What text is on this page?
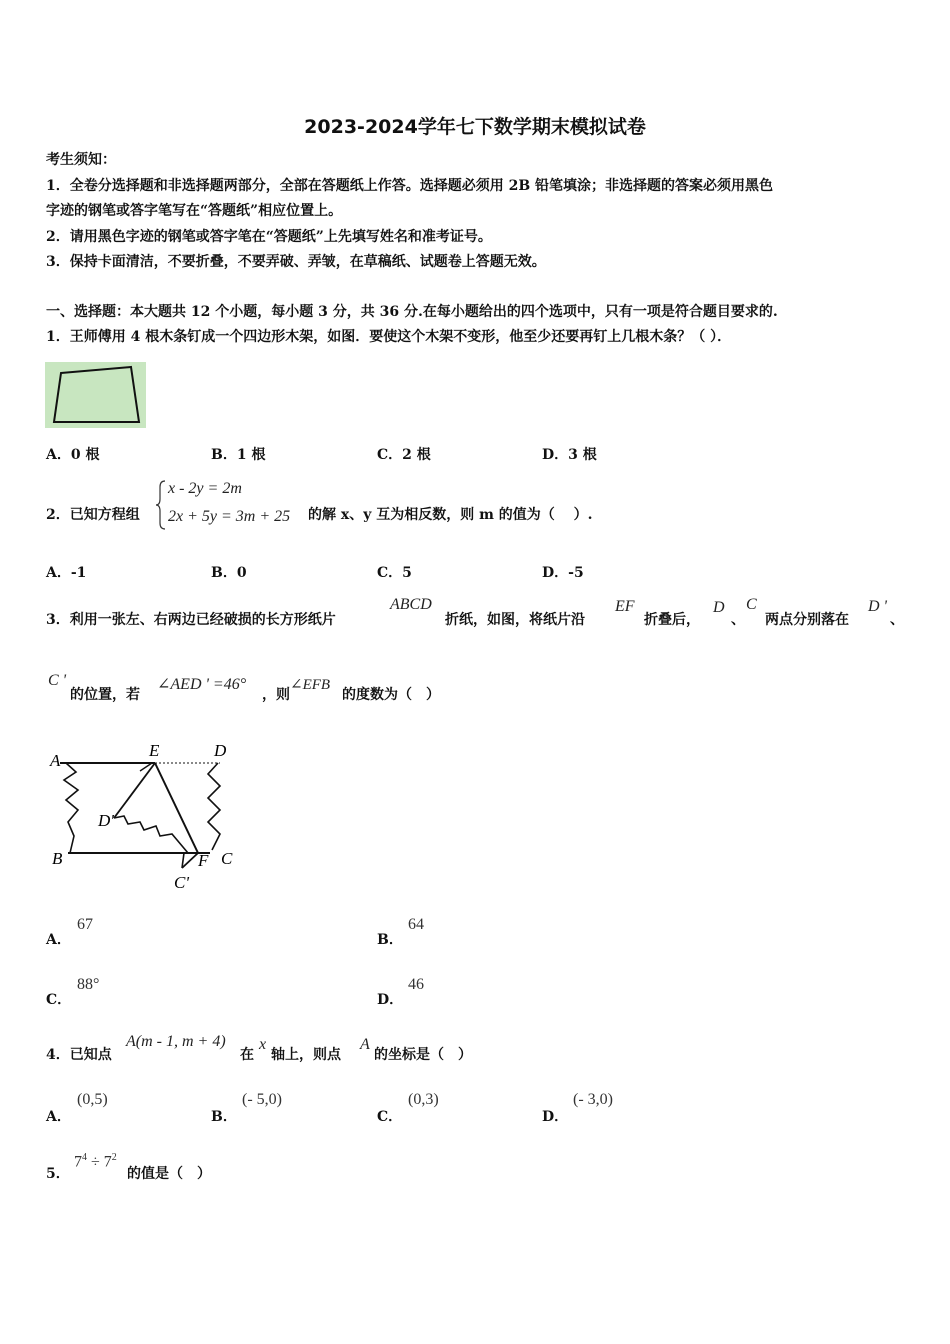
2023-2024学年七下数学期末模拟试卷
考生须知：
1．全卷分选择题和非选择题两部分，全部在答题纸上作答。选择题必须用 2B 铅笔填涂；非选择题的答案必须用黑色
字迹的钢笔或答字笔写在“答题纸”相应位置上。
2．请用黑色字迹的钢笔或答字笔在“答题纸”上先填写姓名和准考证号。
3．保持卡面清洁，不要折叠，不要弄破、弄皱，在草稿纸、试题卷上答题无效。
一、选择题：本大题共 12 个小题，每小题 3 分，共 36 分.在每小题给出的四个选项中，只有一项是符合题目要求的.
1．王师傅用 4 根木条钉成一个四边形木架，如图．要使这个木架不变形，他至少还要再钉上几根木条？（ ）．
A．0 根	B．1 根	C．2 根	D．3 根
2．已知方程组
x - 2y = 2m
2x + 5y = 3m + 25 的解 x、y 互为相反数，则 m 的值为（　 ）.
A．-1	B．0	C．5	D．-5
3．利用一张左、右两边已经破损的长方形纸片
ABCD
折纸，如图，将纸片沿
EF
折叠后，
D
、
C
两点分别落在
D '
、
C '
的位置，若
∠AED ' =46°
，则
∠EFB
的度数为（　）
A
E	D
D'
B	F C
C'
A．
67
B．
64
C．
88°
D．
46
4．已知点
A(m - 1, m + 4)
在
x
轴上，则点
A
的坐标是（　）
A．
(0,5)
B．
(- 5,0)
C．
(0,3)
D．
(- 3,0)
5．
$7^4 \div 7^2$
的值是（　）
